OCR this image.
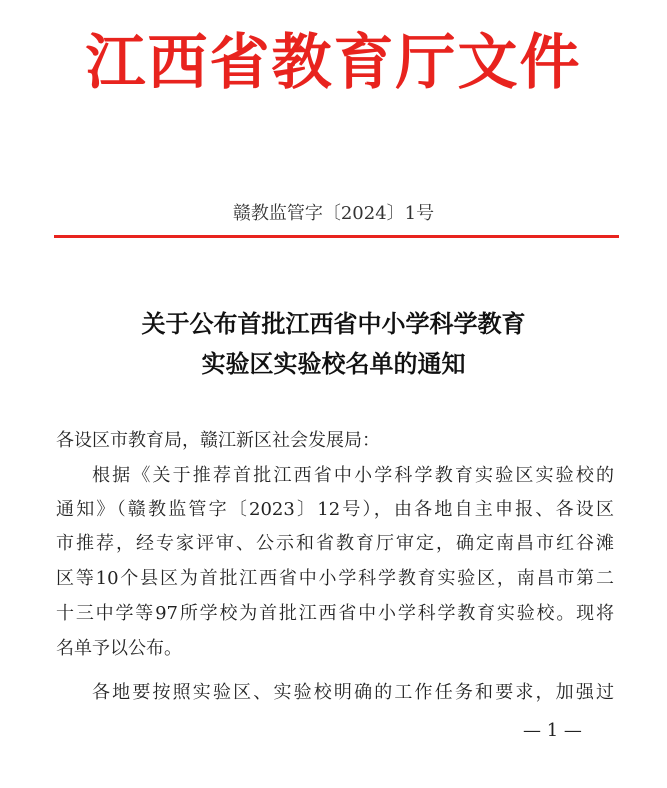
江西省教育厅文件
赣教监管字〔2024〕1号
关于公布首批江西省中小学科学教育
实验区实验校名单的通知
各设区市教育局，赣江新区社会发展局：
根据《关于推荐首批江西省中小学科学教育实验区实验校的
通知》（赣教监管字〔2023〕12号），由各地自主申报、各设区
市推荐，经专家评审、公示和省教育厅审定，确定南昌市红谷滩
区等10个县区为首批江西省中小学科学教育实验区，南昌市第二
十三中学等97所学校为首批江西省中小学科学教育实验校。现将
名单予以公布。
各地要按照实验区、实验校明确的工作任务和要求，加强过
— 1 —
